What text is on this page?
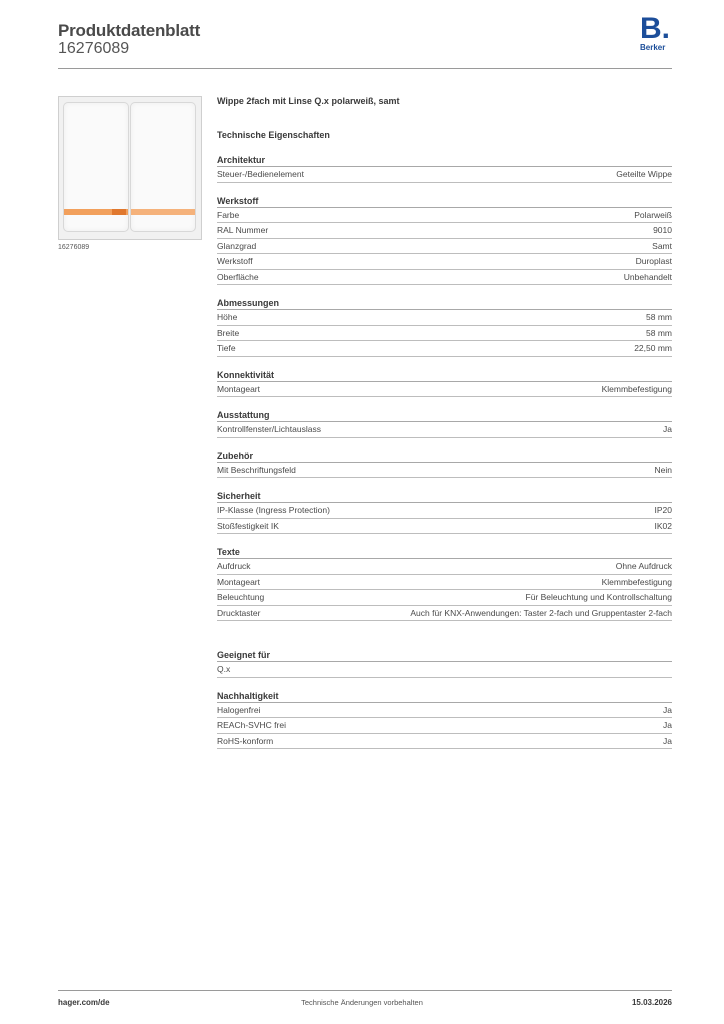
Produktdatenblatt
16276089
B.
Berker
16276089
Wippe 2fach mit Linse Q.x polarweiß, samt
Technische Eigenschaften
Architektur
Steuer-/Bedienelement	Geteilte Wippe
Werkstoff
Farbe	Polarweiß
RAL Nummer	9010
Glanzgrad	Samt
Werkstoff	Duroplast
Oberfläche	Unbehandelt
Abmessungen
Höhe	58 mm
Breite	58 mm
Tiefe	22,50 mm
Konnektivität
Montageart	Klemmbefestigung
Ausstattung
Kontrollfenster/Lichtauslass	Ja
Zubehör
Mit Beschriftungsfeld	Nein
Sicherheit
IP-Klasse (Ingress Protection)	IP20
Stoßfestigkeit IK	IK02
Texte
Aufdruck	Ohne Aufdruck
Montageart	Klemmbefestigung
Beleuchtung	Für Beleuchtung und Kontrollschaltung
Drucktaster	Auch für KNX-Anwendungen: Taster 2-fach und Gruppentaster 2-fach
Geeignet für
Q.x
Nachhaltigkeit
Halogenfrei	Ja
REACh-SVHC frei	Ja
RoHS-konform	Ja
hager.com/de	Technische Änderungen vorbehalten	15.03.2026
